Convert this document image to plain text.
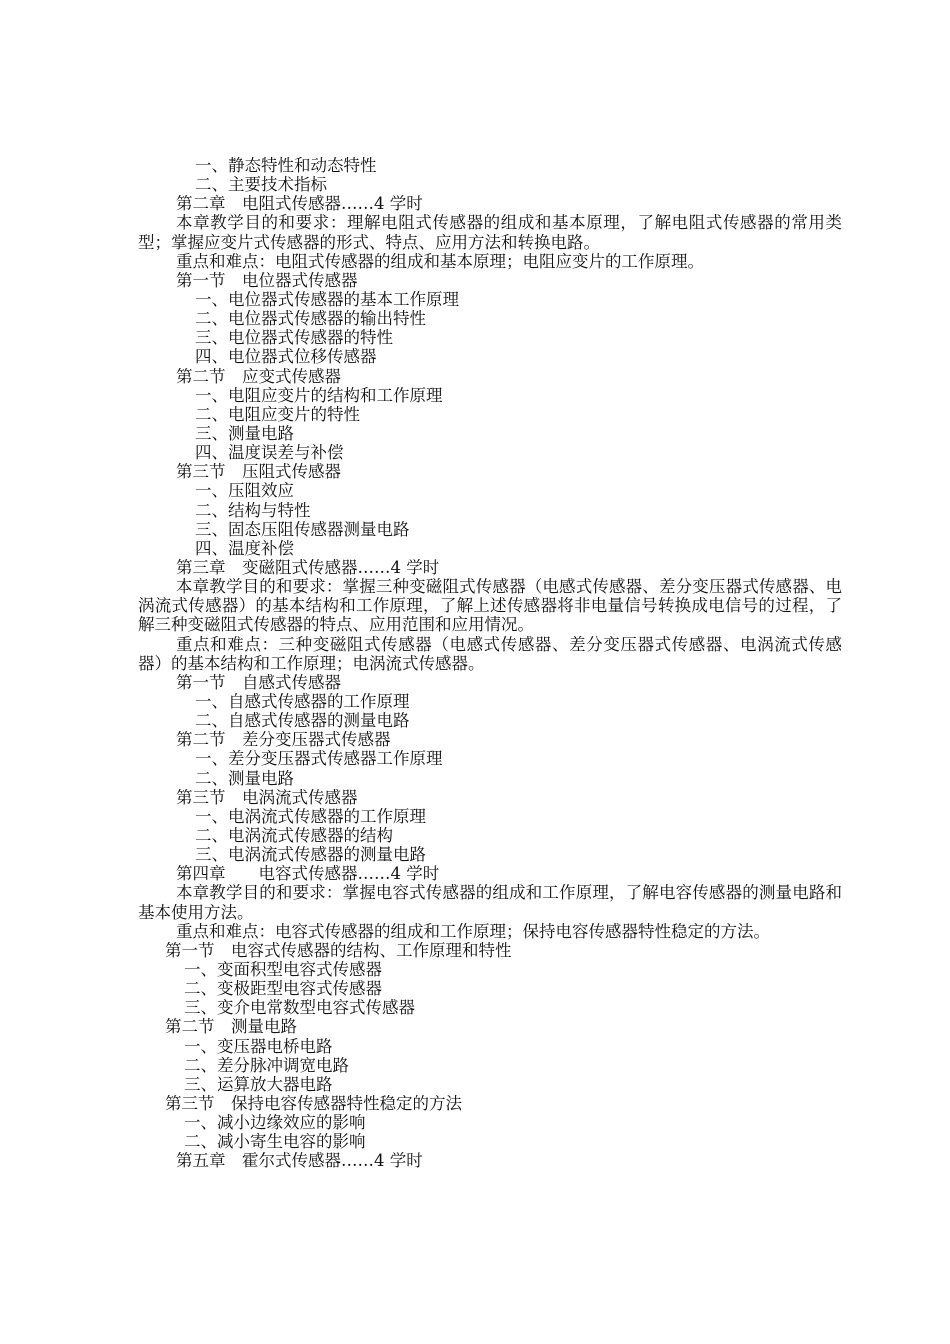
一、静态特性和动态特性
二、主要技术指标
第二章　电阻式传感器……4 学时
本章教学目的和要求：理解电阻式传感器的组成和基本原理，了解电阻式传感器的常用类型；掌握应变片式传感器的形式、特点、应用方法和转换电路。
重点和难点：电阻式传感器的组成和基本原理；电阻应变片的工作原理。
第一节　电位器式传感器
一、电位器式传感器的基本工作原理
二、电位器式传感器的输出特性
三、电位器式传感器的特性
四、电位器式位移传感器
第二节　应变式传感器
一、电阻应变片的结构和工作原理
二、电阻应变片的特性
三、测量电路
四、温度误差与补偿
第三节　压阻式传感器
一、压阻效应
二、结构与特性
三、固态压阻传感器测量电路
四、温度补偿
第三章　变磁阻式传感器……4 学时
本章教学目的和要求：掌握三种变磁阻式传感器（电感式传感器、差分变压器式传感器、电涡流式传感器）的基本结构和工作原理，了解上述传感器将非电量信号转换成电信号的过程，了解三种变磁阻式传感器的特点、应用范围和应用情况。
重点和难点：三种变磁阻式传感器（电感式传感器、差分变压器式传感器、电涡流式传感器）的基本结构和工作原理；电涡流式传感器。
第一节　自感式传感器
一、自感式传感器的工作原理
二、自感式传感器的测量电路
第二节　差分变压器式传感器
一、差分变压器式传感器工作原理
二、测量电路
第三节　电涡流式传感器
一、电涡流式传感器的工作原理
二、电涡流式传感器的结构
三、电涡流式传感器的测量电路
第四章　　电容式传感器……4 学时
本章教学目的和要求：掌握电容式传感器的组成和工作原理，了解电容传感器的测量电路和基本使用方法。
重点和难点：电容式传感器的组成和工作原理；保持电容传感器特性稳定的方法。
第一节　电容式传感器的结构、工作原理和特性
一、变面积型电容式传感器
二、变极距型电容式传感器
三、变介电常数型电容式传感器
第二节　测量电路
一、变压器电桥电路
二、差分脉冲调宽电路
三、运算放大器电路
第三节　保持电容传感器特性稳定的方法
一、减小边缘效应的影响
二、减小寄生电容的影响
第五章　霍尔式传感器……4 学时
